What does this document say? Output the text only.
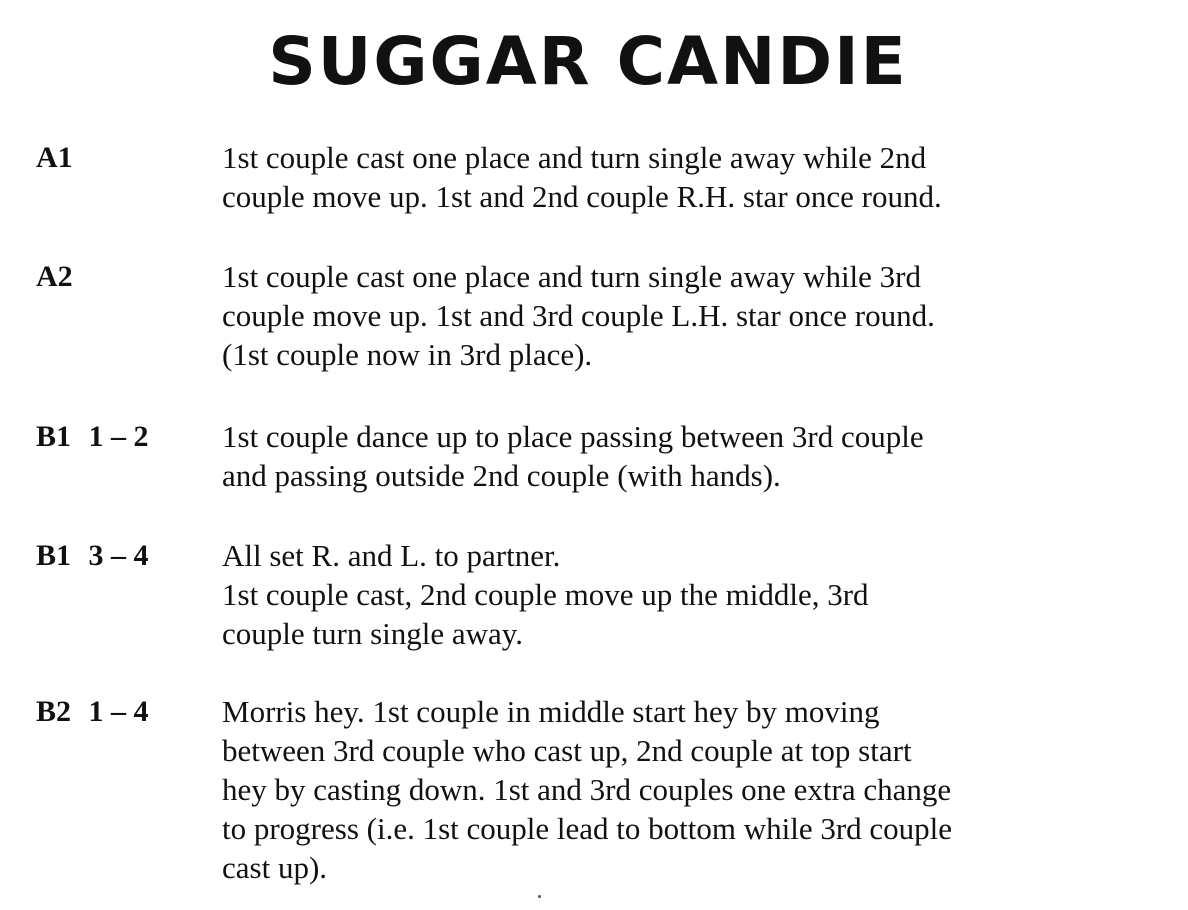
SUGGAR CANDIE
A1	1st couple cast one place and turn single away while 2nd
couple move up. 1st and 2nd couple R.H. star once round.
A2	1st couple cast one place and turn single away while 3rd
couple move up. 1st and 3rd couple L.H. star once round.
(1st couple now in 3rd place).
B1 1 – 2	1st couple dance up to place passing between 3rd couple
and passing outside 2nd couple (with hands).
B1 3 – 4	All set R. and L. to partner.
1st couple cast, 2nd couple move up the middle, 3rd
couple turn single away.
B2 1 – 4	Morris hey. 1st couple in middle start hey by moving
between 3rd couple who cast up, 2nd couple at top start
hey by casting down. 1st and 3rd couples one extra change
to progress (i.e. 1st couple lead to bottom while 3rd couple
cast up).
